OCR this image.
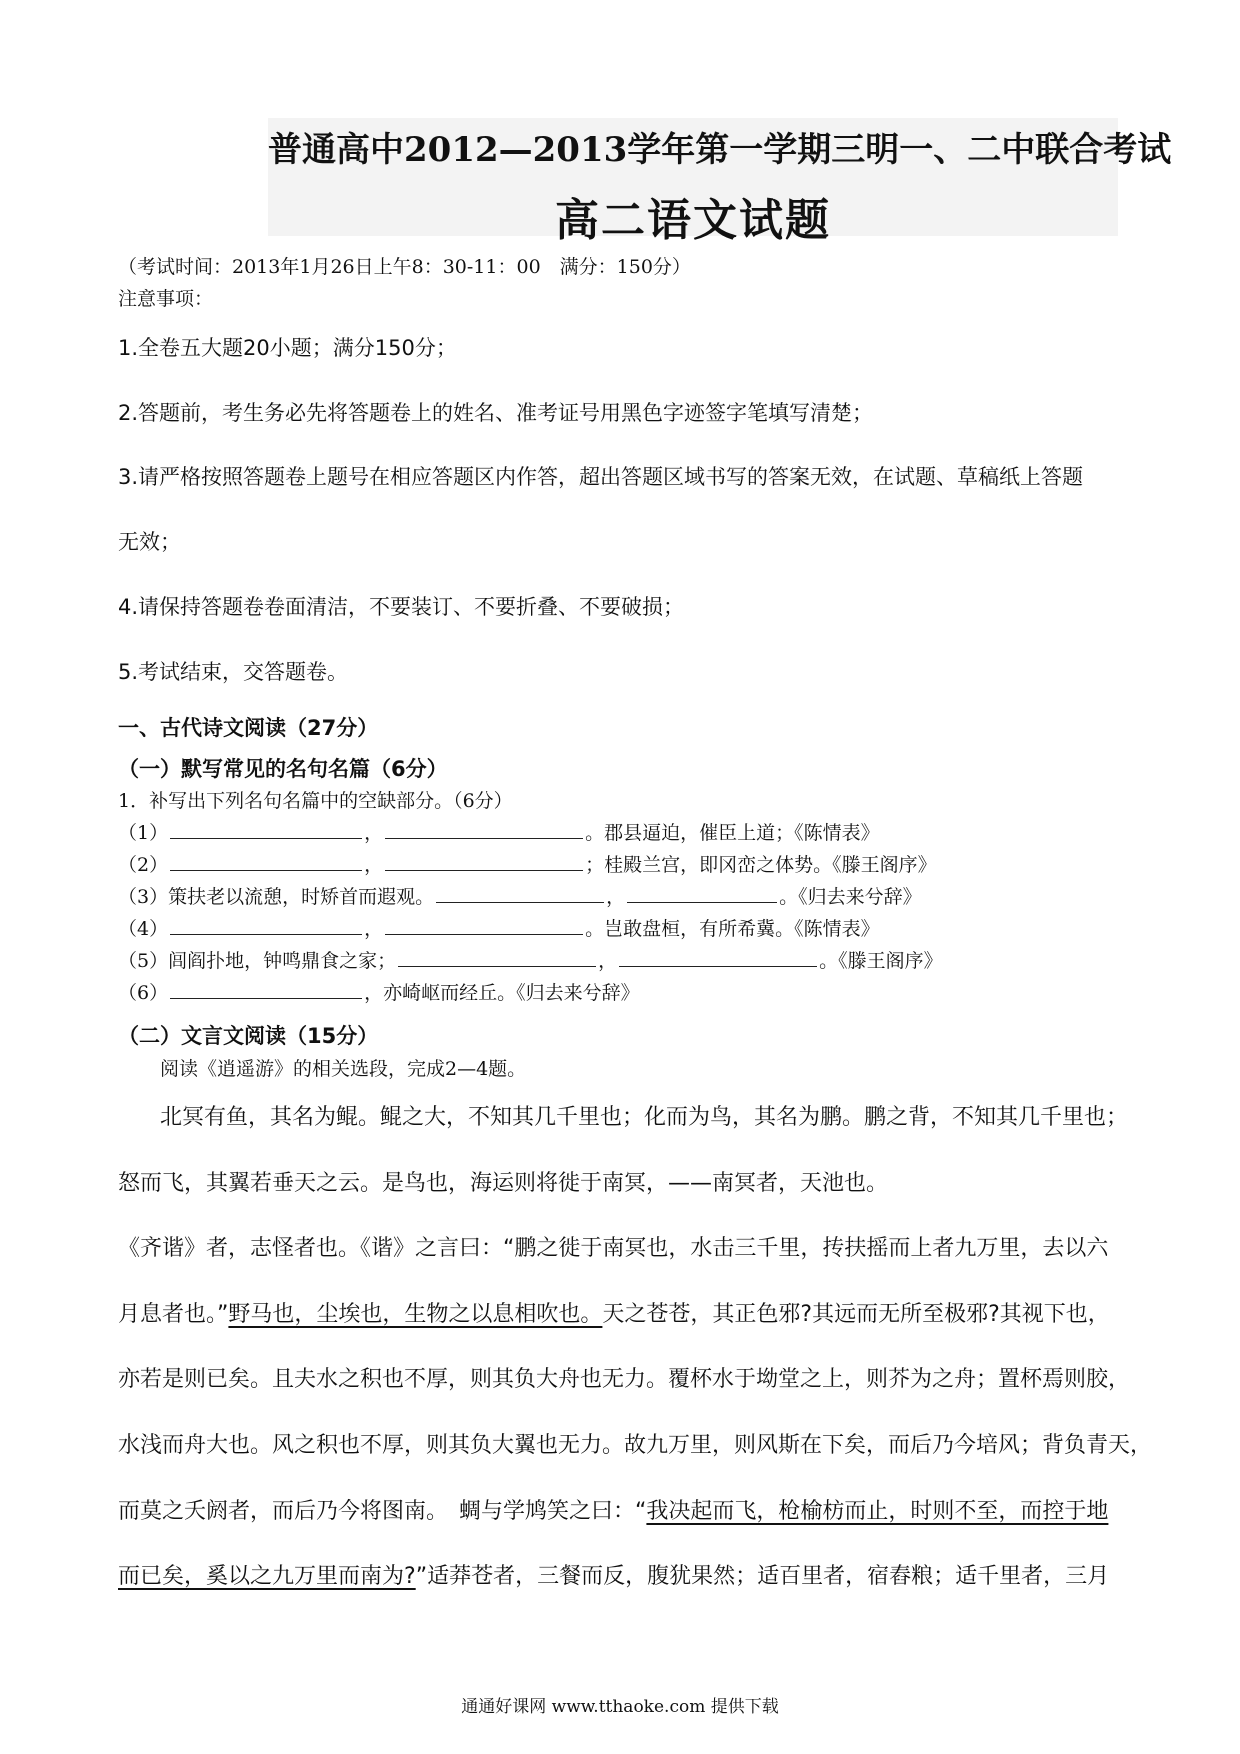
普通高中2012—2013学年第一学期三明一、二中联合考试
高二语文试题
（考试时间：2013年1月26日上午8：30-11：00　满分：150分）
注意事项：
1.全卷五大题20小题；满分150分；
2.答题前，考生务必先将答题卷上的姓名、准考证号用黑色字迹签字笔填写清楚；
3.请严格按照答题卷上题号在相应答题区内作答，超出答题区域书写的答案无效，在试题、草稿纸上答题
无效；
4.请保持答题卷卷面清洁，不要装订、不要折叠、不要破损；
5.考试结束，交答题卷。
一、古代诗文阅读（27分）
（一）默写常见的名句名篇（6分）
1．补写出下列名句名篇中的空缺部分。（6分）
（1）	，	。郡县逼迫，催臣上道；《陈情表》
（2）	，	；桂殿兰宫，即冈峦之体势。《滕王阁序》
（3）策扶老以流憩，时矫首而遐观。	，	。《归去来兮辞》
（4）	，	。岂敢盘桓，有所希冀。《陈情表》
（5）闾阎扑地，钟鸣鼎食之家；	，	。《滕王阁序》
（6）	，亦崎岖而经丘。《归去来兮辞》
（二）文言文阅读（15分）
阅读《逍遥游》的相关选段，完成2—4题。
北冥有鱼，其名为鲲。鲲之大，不知其几千里也；化而为鸟，其名为鹏。鹏之背，不知其几千里也；
怒而飞，其翼若垂天之云。是鸟也，海运则将徙于南冥，——南冥者，天池也。
《齐谐》者，志怪者也。《谐》之言曰：“鹏之徙于南冥也，水击三千里，抟扶摇而上者九万里，去以六
月息者也。”野马也，尘埃也，生物之以息相吹也。天之苍苍，其正色邪?其远而无所至极邪?其视下也，
亦若是则已矣。且夫水之积也不厚，则其负大舟也无力。覆杯水于坳堂之上，则芥为之舟；置杯焉则胶，
水浅而舟大也。风之积也不厚，则其负大翼也无力。故九万里，则风斯在下矣，而后乃今培风；背负青天，
而莫之夭阏者，而后乃今将图南。　蜩与学鸠笑之曰：“我决起而飞，枪榆枋而止，时则不至，而控于地
而已矣，奚以之九万里而南为?”适莽苍者，三餐而反，腹犹果然；适百里者，宿舂粮；适千里者，三月
通通好课网 www.tthaoke.com 提供下载
